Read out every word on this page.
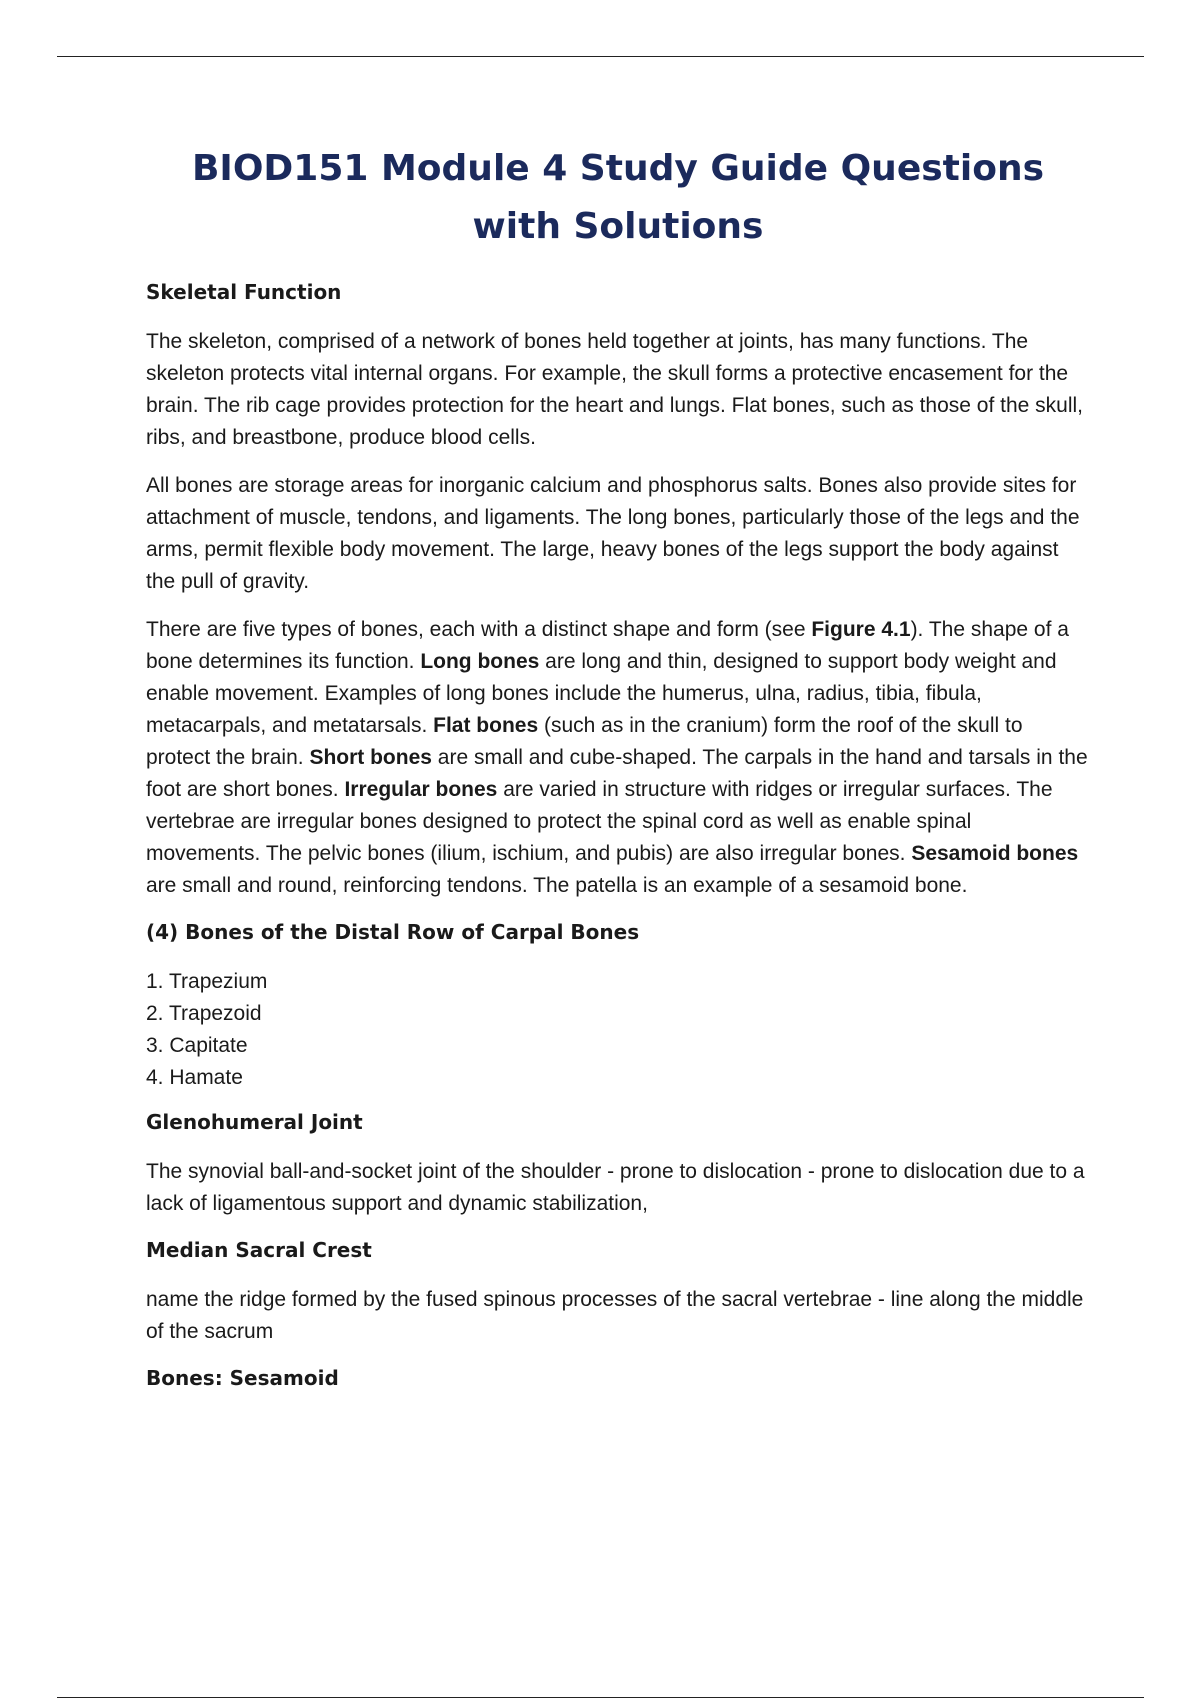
BIOD151 Module 4 Study Guide Questions with Solutions
Skeletal Function

The skeleton, comprised of a network of bones held together at joints, has many functions. The skeleton protects vital internal organs. For example, the skull forms a protective encasement for the brain. The rib cage provides protection for the heart and lungs. Flat bones, such as those of the skull, ribs, and breastbone, produce blood cells.

All bones are storage areas for inorganic calcium and phosphorus salts. Bones also provide sites for attachment of muscle, tendons, and ligaments. The long bones, particularly those of the legs and the arms, permit flexible body movement. The large, heavy bones of the legs support the body against the pull of gravity.

There are five types of bones, each with a distinct shape and form (see Figure 4.1). The shape of a bone determines its function. Long bones are long and thin, designed to support body weight and enable movement. Examples of long bones include the humerus, ulna, radius, tibia, fibula, metacarpals, and metatarsals. Flat bones (such as in the cranium) form the roof of the skull to protect the brain. Short bones are small and cube-shaped. The carpals in the hand and tarsals in the foot are short bones. Irregular bones are varied in structure with ridges or irregular surfaces. The vertebrae are irregular bones designed to protect the spinal cord as well as enable spinal movements. The pelvic bones (ilium, ischium, and pubis) are also irregular bones. Sesamoid bones are small and round, reinforcing tendons. The patella is an example of a sesamoid bone.

(4) Bones of the Distal Row of Carpal Bones
1. Trapezium
2. Trapezoid
3. Capitate
4. Hamate
Glenohumeral Joint

The synovial ball-and-socket joint of the shoulder - prone to dislocation - prone to dislocation due to a lack of ligamentous support and dynamic stabilization,

Median Sacral Crest

name the ridge formed by the fused spinous processes of the sacral vertebrae - line along the middle of the sacrum

Bones: Sesamoid
